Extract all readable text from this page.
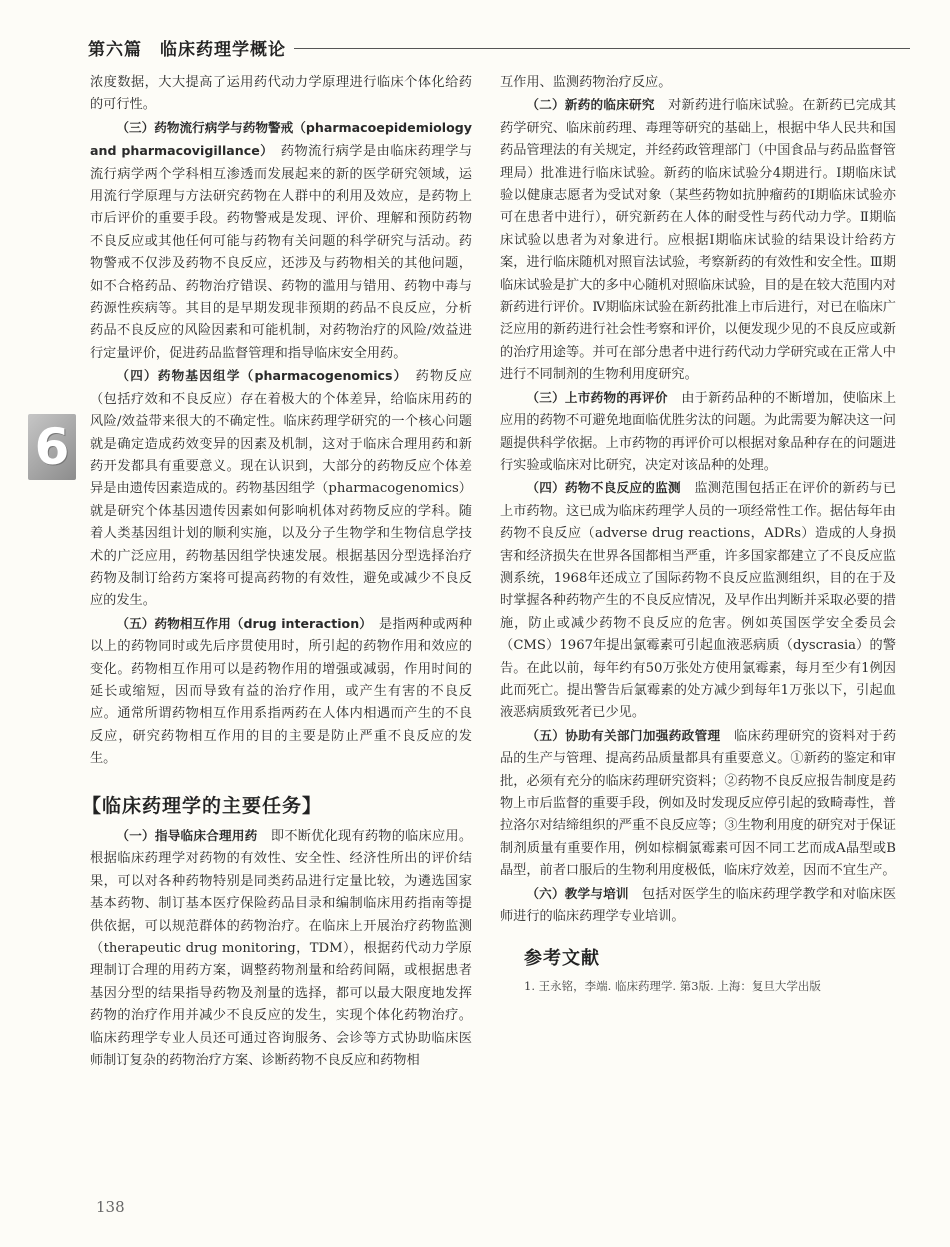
第六篇　临床药理学概论
6

浓度数据，大大提高了运用药代动力学原理进行临床个体化给药的可行性。

（三）药物流行病学与药物警戒（pharmacoepidemiology and pharmacovigillance）　 药物流行病学是由临床药理学与流行病学两个学科相互渗透而发展起来的新的医学研究领域，运用流行学原理与方法研究药物在人群中的利用及效应，是药物上市后评价的重要手段。药物警戒是发现、评价、理解和预防药物不良反应或其他任何可能与药物有关问题的科学研究与活动。药物警戒不仅涉及药物不良反应，还涉及与药物相关的其他问题，如不合格药品、药物治疗错误、药物的滥用与错用、药物中毒与药源性疾病等。其目的是早期发现非预期的药品不良反应，分析药品不良反应的风险因素和可能机制，对药物治疗的风险/效益进行定量评价，促进药品监督管理和指导临床安全用药。

（四）药物基因组学（pharmacogenomics）　 药物反应（包括疗效和不良反应）存在着极大的个体差异，给临床用药的风险/效益带来很大的不确定性。临床药理学研究的一个核心问题就是确定造成药效变异的因素及机制，这对于临床合理用药和新药开发都具有重要意义。现在认识到，大部分的药物反应个体差异是由遗传因素造成的。药物基因组学（pharmacogenomics）就是研究个体基因遗传因素如何影响机体对药物反应的学科。随着人类基因组计划的顺利实施，以及分子生物学和生物信息学技术的广泛应用，药物基因组学快速发展。根据基因分型选择治疗药物及制订给药方案将可提高药物的有效性，避免或减少不良反应的发生。

（五）药物相互作用（drug interaction）　 是指两种或两种以上的药物同时或先后序贯使用时，所引起的药物作用和效应的变化。药物相互作用可以是药物作用的增强或减弱，作用时间的延长或缩短，因而导致有益的治疗作用，或产生有害的不良反应。通常所谓药物相互作用系指两药在人体内相遇而产生的不良反应，研究药物相互作用的目的主要是防止严重不良反应的发生。

【临床药理学的主要任务】

（一）指导临床合理用药　 即不断优化现有药物的临床应用。根据临床药理学对药物的有效性、安全性、经济性所出的评价结果，可以对各种药物特别是同类药品进行定量比较，为遴选国家基本药物、制订基本医疗保险药品目录和编制临床用药指南等提供依据，可以规范群体的药物治疗。在临床上开展治疗药物监测（therapeutic drug monitoring，TDM），根据药代动力学原理制订合理的用药方案，调整药物剂量和给药间隔，或根据患者基因分型的结果指导药物及剂量的选择，都可以最大限度地发挥药物的治疗作用并减少不良反应的发生，实现个体化药物治疗。临床药理学专业人员还可通过咨询服务、会诊等方式协助临床医师制订复杂的药物治疗方案、诊断药物不良反应和药物相

互作用、监测药物治疗反应。

（二）新药的临床研究　 对新药进行临床试验。在新药已完成其药学研究、临床前药理、毒理等研究的基础上，根据中华人民共和国药品管理法的有关规定，并经药政管理部门（中国食品与药品监督管理局）批准进行临床试验。新药的临床试验分4期进行。Ⅰ期临床试验以健康志愿者为受试对象（某些药物如抗肿瘤药的Ⅰ期临床试验亦可在患者中进行），研究新药在人体的耐受性与药代动力学。Ⅱ期临床试验以患者为对象进行。应根据Ⅰ期临床试验的结果设计给药方案，进行临床随机对照盲法试验，考察新药的有效性和安全性。Ⅲ期临床试验是扩大的多中心随机对照临床试验，目的是在较大范围内对新药进行评价。Ⅳ期临床试验在新药批准上市后进行，对已在临床广泛应用的新药进行社会性考察和评价，以便发现少见的不良反应或新的治疗用途等。并可在部分患者中进行药代动力学研究或在正常人中进行不同制剂的生物利用度研究。

（三）上市药物的再评价　 由于新药品种的不断增加，使临床上应用的药物不可避免地面临优胜劣汰的问题。为此需要为解决这一问题提供科学依据。上市药物的再评价可以根据对象品种存在的问题进行实验或临床对比研究，决定对该品种的处理。

（四）药物不良反应的监测　 监测范围包括正在评价的新药与已上市药物。这已成为临床药理学人员的一项经常性工作。据估每年由药物不良反应（adverse drug reactions，ADRs）造成的人身损害和经济损失在世界各国都相当严重，许多国家都建立了不良反应监测系统，1968年还成立了国际药物不良反应监测组织，目的在于及时掌握各种药物产生的不良反应情况，及早作出判断并采取必要的措施，防止或减少药物不良反应的危害。例如英国医学安全委员会（CMS）1967年提出氯霉素可引起血液恶病质（dyscrasia）的警告。在此以前，每年约有50万张处方使用氯霉素，每月至少有1例因此而死亡。提出警告后氯霉素的处方减少到每年1万张以下，引起血液恶病质致死者已少见。

（五）协助有关部门加强药政管理　 临床药理研究的资料对于药品的生产与管理、提高药品质量都具有重要意义。①新药的鉴定和审批，必须有充分的临床药理研究资料；②药物不良反应报告制度是药物上市后监督的重要手段，例如及时发现反应停引起的致畸毒性，普拉洛尔对结缔组织的严重不良反应等；③生物利用度的研究对于保证制剂质量有重要作用，例如棕榈氯霉素可因不同工艺而成A晶型或B晶型，前者口服后的生物利用度极低，临床疗效差，因而不宜生产。

（六）教学与培训　 包括对医学生的临床药理学教学和对临床医师进行的临床药理学专业培训。

参考文献

1. 王永铭，李端. 临床药理学. 第3版. 上海：复旦大学出版

138
